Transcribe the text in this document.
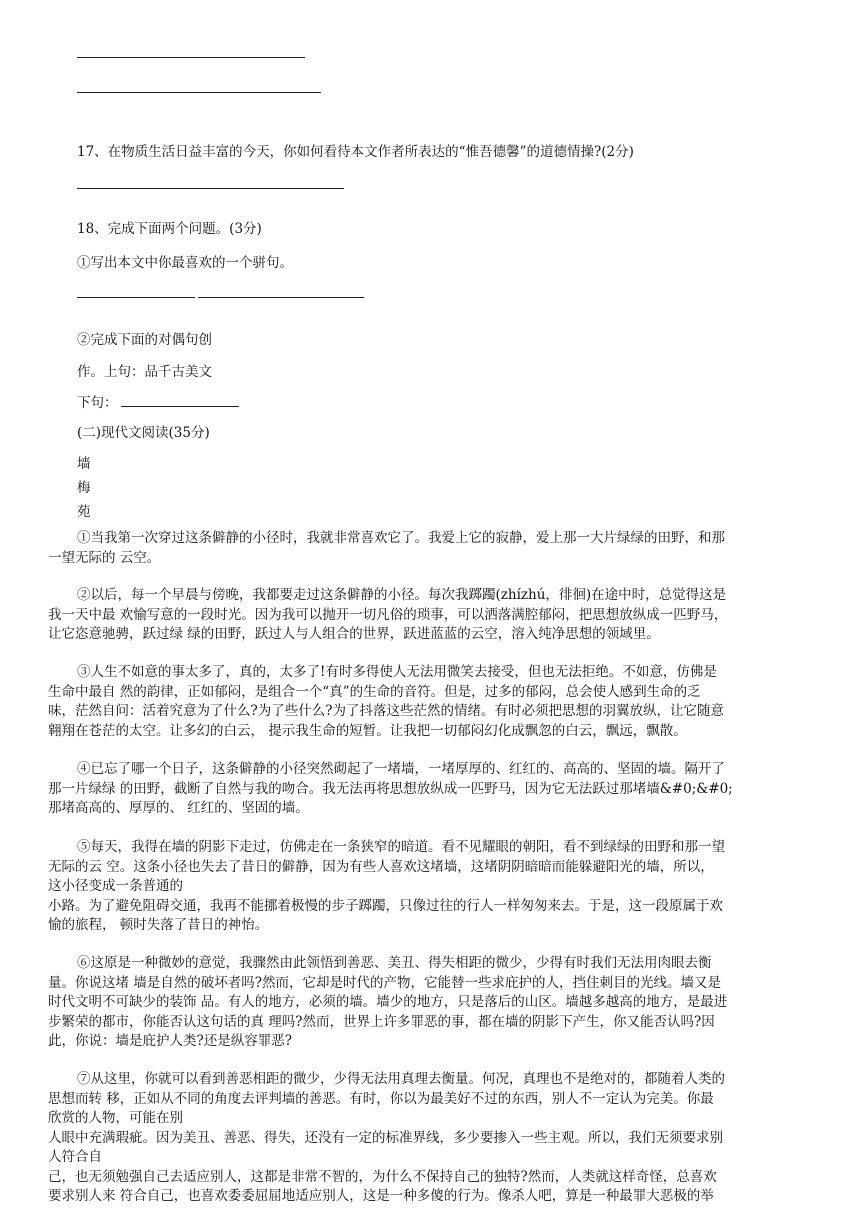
17、在物质生活日益丰富的今天，你如何看待本文作者所表达的“惟吾德馨”的道德情操?(2分)
18、完成下面两个问题。(3分)
①写出本文中你最喜欢的一个骈句。
②完成下面的对偶句创
作。上句：品千古美文
下句：
(二)现代文阅读(35分)
墙
梅
苑
①当我第一次穿过这条僻静的小径时，我就非常喜欢它了。我爱上它的寂静，爱上那一大片绿绿的田野，和那
一望无际的 云空。
②以后，每一个早晨与傍晚，我都要走过这条僻静的小径。每次我踯躅(zhízhú，徘徊)在途中时，总觉得这是
我一天中最 欢愉写意的一段时光。因为我可以抛开一切凡俗的琐事，可以洒落满腔郁闷，把思想放纵成一匹野马，
让它恣意驰骋，跃过绿 绿的田野，跃过人与人组合的世界，跃进蓝蓝的云空，溶入纯净思想的领域里。
③人生不如意的事太多了，真的，太多了!有时多得使人无法用微笑去接受，但也无法拒绝。不如意，仿佛是
生命中最自 然的韵律，正如郁闷，是组合一个“真”的生命的音符。但是，过多的郁闷，总会使人感到生命的乏
味，茫然自问：活着究意为了什么?为了些什么?为了抖落这些茫然的情绪。有时必须把思想的羽翼放纵，让它随意
翱翔在苍茫的太空。让多幻的白云， 提示我生命的短暂。让我把一切郁闷幻化成飘忽的白云，飘远，飘散。
④已忘了哪一个日子，这条僻静的小径突然砌起了一堵墙，一堵厚厚的、红红的、高高的、坚固的墙。隔开了
那一片绿绿 的田野，截断了自然与我的吻合。我无法再将思想放纵成一匹野马，因为它无法跃过那堵墙&#0;&#0;
那堵高高的、厚厚的、 红红的、坚固的墙。
⑤每天，我得在墙的阴影下走过，仿佛走在一条狭窄的暗道。看不见耀眼的朝阳，看不到绿绿的田野和那一望
无际的云 空。这条小径也失去了昔日的僻静，因为有些人喜欢这堵墙，这堵阴阴暗暗而能躲避阳光的墙，所以，
这小径变成一条普通的
小路。为了避免阻碍交通，我再不能挪着极慢的步子踯躅，只像过往的行人一样匆匆来去。于是，这一段原属于欢
愉的旅程， 顿时失落了昔日的神怡。
⑥这原是一种微妙的意觉，我骤然由此领悟到善恶、美丑、得失相距的微少，少得有时我们无法用肉眼去衡
量。你说这堵 墙是自然的破坏者吗?然而，它却是时代的产物，它能替一些求庇护的人，挡住刺目的光线。墙又是
时代文明不可缺少的装饰 品。有人的地方，必须的墙。墙少的地方，只是落后的山区。墙越多越高的地方，是最进
步繁荣的都市，你能否认这句话的真 理吗?然而，世界上许多罪恶的事，都在墙的阴影下产生，你又能否认吗?因
此，你说：墙是庇护人类?还是纵容罪恶?
⑦从这里，你就可以看到善恶相距的微少，少得无法用真理去衡量。何况，真理也不是绝对的，都随着人类的
思想而转 移，正如从不同的角度去评判墙的善恶。有时，你以为最美好不过的东西，别人不一定认为完美。你最
欣赏的人物，可能在别
人眼中充满瑕疵。因为美丑、善恶、得失，还没有一定的标准界线，多少要掺入一些主观。所以，我们无须要求别
人符合自
己，也无须勉强自己去适应别人，这都是非常不智的，为什么不保持自己的独特?然而，人类就这样奇怪，总喜欢
要求别人来 符合自己，也喜欢委委屈屈地适应别人，这是一种多傻的行为。像杀人吧，算是一种最罪大恶极的举
